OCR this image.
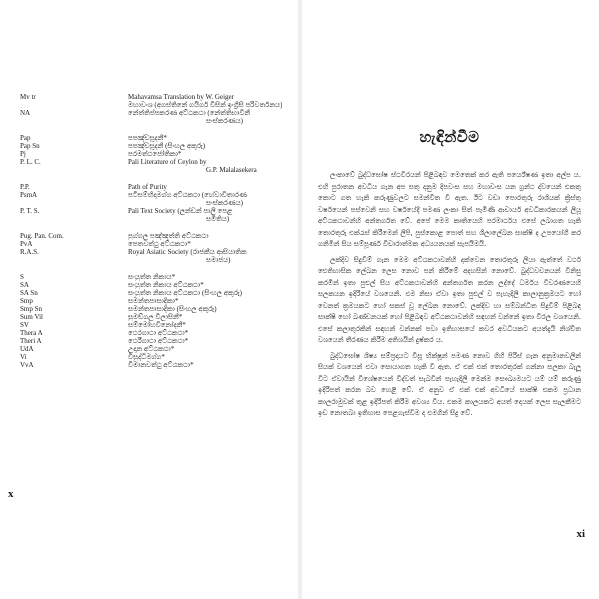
Mv tr	Mahavamsa Translation by W. Geiger
මහාවංශ (අගස්තිනේ ගයිගර් විසින් ඉංග්‍රීසි පරිවර්තනය)
NA	නේත්තිප්පකරණ අට්ඨකථා (නේත්තිභාවිනී
සංස්කරණය)
Pap	පපඤ්චසූදනී*
Pap Sn	පපඤ්චසූදනී (සිංහල අකුරු)
Pj	පරමත්ථජෝතිකා*
P. L. C.	Pali Literature of Ceylon by
G.P. Malalasekera
P.P.	Path of Purity
PsmA	පටිසම්භිදාමග්ග අට්ඨකථා (හේවාවිතාරණ
සංස්කරණය)
P. T. S.	Pali Text Society (ලන්ඩන් පාලි පෙළ
සමිතිය)
Pug. Pan. Com.	පුග්ගල පඤ්ඤත්ති අට්ඨකථා
PvA	පෙතවත්ථු අට්ඨකථා*
R.A.S.	Royal Asiatic Society (රාජකීය ආසියාතික
සමාජය)
S	සංයුත්ත නිකාය*
SA	සංයුත්ත නිකාය අට්ඨකථා*
SA Sn	සංයුත්ත නිකාය අට්ඨකථා (සිංහල අකුරු)
Smp	සමන්තපාසාදිකා*
Smp Sn	සමන්තපාසාදිකා (සිංහල අකුරු)
Sum Vil	සුමඞ්ගල විලාසිනී*
SV	සම්මෝහවිනෝදනී*
Thera A	ථෙරගාථා අට්ඨකථා*
Theri A	ථෙරීගාථා අට්ඨකථා*
UdA	උදාන අට්ඨකථා*
Vi	විසුද්ධිමග්ග*
VvA	විමානවත්ථු අට්ඨකථා*
x
හැඳින්වීම

ලංකාවේ බුද්ධඝෝෂ ස්ථවිරයන් පිළිබඳව මෙතෙක් කර ඇති පර්යේෂණ ඉතා අල්ප ය. එහි පුරාතන අවධිය ගැන අප සතු දනුම දිපවංස සහ මහාවංස යන ග්‍රන්ථ ද්වයෙන් එකතු කොට ගත හැකි කරුණුවලට සමන්විත වී ඇත. ඊට වඩා පොරතුරු රාශියක් ක්‍රිස්තු වර්ෂයෙන් පස්වෙනි සහ වර්ෂයේදී පමණ ලංකා සිත් පැමිණි ආචාර්ය අවධිකාරකයන් ලියූ අට්ඨකථාවන්හි අන්තර්ගත වේ. අපේ මෙම කෘතියෙහි පරමාර්ථය එසේ ලබාගත හැකි තොරතුරු එක්රැස් කිරීමෙන් ලිපි, පුස්කොළ පොත් සහ ශිලාලේඛන සාක්ෂි ද උපයෝගී කර ගනිමින් සිය සම්පූර්ණ විචාරාත්මක අධ්‍යයනයක් සැපයීමයි.

ලක්දිව සිදුවීම් ගැන මෙම අට්ඨකථාවන්හි දක්වෙන තොරතුරු ලියා ඇත්තේ වර්ථ ඓතිහාසික ලේඛන ලෙස නොව පන් කිරීමේ අදහසින් නොවේ. බුද්ධවචනයන් විනිසු කරමින් ඉතා පුළුල් සිය අට්ඨකථාවන්හි අන්තර්ගත කරන ලද්දේ ධර්මය විවරණයෙහි සලකයන ඉදිරියේ වශයෙනි. එම නිසා ඒවා ඉතා පුළුල් ව පැහැදිලි කාලානුක්‍රමයට හෝ වෙනත් ක්‍රමයකට හෝ සකස් වූ ලේඛන නොවේ. ලක්දිව හා සම්බන්ධිත සිදුවීම් පිළිබඳ සාක්ෂි හෝ ඛණ්ඩනයක් හෝ පිළිබඳව අට්ඨකථාවන්හි සඳහන් වන්නේ ඉතා විරල වශයෙනි. එසේ කලාතුරකින් සඳහන් වන්නක් පවා ඉතිහාසයේ කවර අවධියකට අයත්දැයි නිශ්චිත වශයෙන් තීරණය කිරීම අතිශයින් දුෂ්කර ය.

බුද්ධඝෝෂ ශිෂ්‍ය සම්ප්‍රදායට විසූ භික්ෂූන් පමණ නොව ගිහි පිරිස් ගැන අනුමානවලින් සියක් වශයෙන් එවා සොයාගත හැකි වී ඇත. ඒ එක් එක් තොරතුරක් ගන්නා සලකා බැලූ විට ඒවායින් විශේෂයෙන් විද්වත් සැබවින් පැහැදිලි මෙන්ම සෞඛ්‍යමයට යම් යම් කරුණු ඉදිරිපත් කරන බව හෙළි වේ. ඒ අනුව ඒ එක් එක් අවධියේ සාක්ෂි එකම ප්‍රධාන කාලරාමුවක් තුළ ඉදිරිපත් කිරීම අවශ්‍ය විය. එකම කාලයකට අයත් දෙයක් ලෙස සැලකීමට ඉඩ නොතබා ඉතිහාස පෙළගැස්වීම ද එමගින් සිදු වේ.

xi
